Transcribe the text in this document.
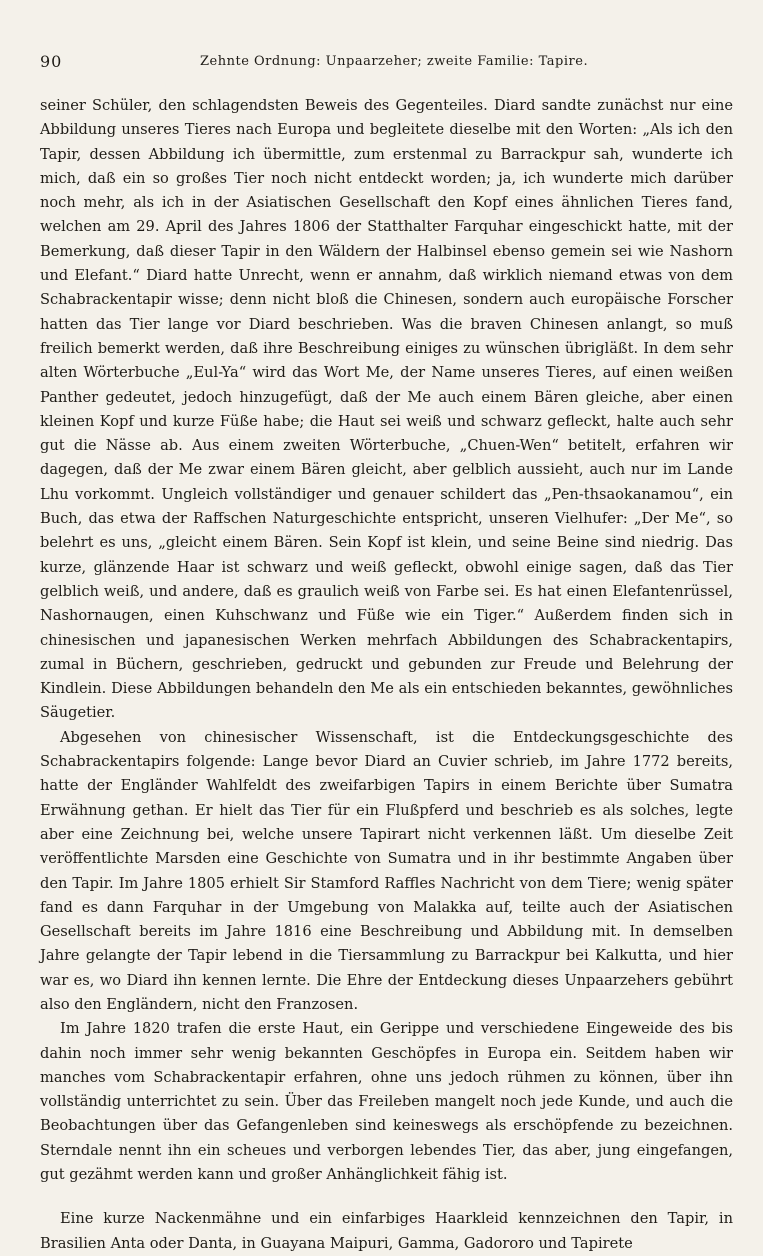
90	Zehnte Ordnung: Unpaarzeher; zweite Familie: Tapire.

seiner Schüler, den schlagendsten Beweis des Gegenteiles. Diard sandte zunächst nur eine Abbildung unseres Tieres nach Europa und begleitete dieselbe mit den Worten: „Als ich den Tapir, dessen Abbildung ich übermittle, zum erstenmal zu Barrackpur sah, wunderte ich mich, daß ein so großes Tier noch nicht entdeckt worden; ja, ich wunderte mich darüber noch mehr, als ich in der Asiatischen Gesellschaft den Kopf eines ähnlichen Tieres fand, welchen am 29. April des Jahres 1806 der Statthalter Farquhar eingeschickt hatte, mit der Bemerkung, daß dieser Tapir in den Wäldern der Halbinsel ebenso gemein sei wie Nashorn und Elefant.“ Diard hatte Unrecht, wenn er annahm, daß wirklich niemand etwas von dem Schabrackentapir wisse; denn nicht bloß die Chinesen, sondern auch europäische Forscher hatten das Tier lange vor Diard beschrieben. Was die braven Chinesen anlangt, so muß freilich bemerkt werden, daß ihre Beschreibung einiges zu wünschen übrigläßt. In dem sehr alten Wörterbuche „Eul-Ya“ wird das Wort Me, der Name unseres Tieres, auf einen weißen Panther gedeutet, jedoch hinzugefügt, daß der Me auch einem Bären gleiche, aber einen kleinen Kopf und kurze Füße habe; die Haut sei weiß und schwarz gefleckt, halte auch sehr gut die Nässe ab. Aus einem zweiten Wörterbuche, „Chuen-Wen“ betitelt, erfahren wir dagegen, daß der Me zwar einem Bären gleicht, aber gelblich aussieht, auch nur im Lande Lhu vorkommt. Ungleich vollständiger und genauer schildert das „Pen-thsaokanamou“, ein Buch, das etwa der Raffschen Naturgeschichte entspricht, unseren Vielhufer: „Der Me“, so belehrt es uns, „gleicht einem Bären. Sein Kopf ist klein, und seine Beine sind niedrig. Das kurze, glänzende Haar ist schwarz und weiß gefleckt, obwohl einige sagen, daß das Tier gelblich weiß, und andere, daß es graulich weiß von Farbe sei. Es hat einen Elefantenrüssel, Nashornaugen, einen Kuhschwanz und Füße wie ein Tiger.“ Außerdem finden sich in chinesischen und japanesischen Werken mehrfach Abbildungen des Schabrackentapirs, zumal in Büchern, geschrieben, gedruckt und gebunden zur Freude und Belehrung der Kindlein. Diese Abbildungen behandeln den Me als ein entschieden bekanntes, gewöhnliches Säugetier.

Abgesehen von chinesischer Wissenschaft, ist die Entdeckungsgeschichte des Schabrackentapirs folgende: Lange bevor Diard an Cuvier schrieb, im Jahre 1772 bereits, hatte der Engländer Wahlfeldt des zweifarbigen Tapirs in einem Berichte über Sumatra Erwähnung gethan. Er hielt das Tier für ein Flußpferd und beschrieb es als solches, legte aber eine Zeichnung bei, welche unsere Tapirart nicht verkennen läßt. Um dieselbe Zeit veröffentlichte Marsden eine Geschichte von Sumatra und in ihr bestimmte Angaben über den Tapir. Im Jahre 1805 erhielt Sir Stamford Raffles Nachricht von dem Tiere; wenig später fand es dann Farquhar in der Umgebung von Malakka auf, teilte auch der Asiatischen Gesellschaft bereits im Jahre 1816 eine Beschreibung und Abbildung mit. In demselben Jahre gelangte der Tapir lebend in die Tiersammlung zu Barrackpur bei Kalkutta, und hier war es, wo Diard ihn kennen lernte. Die Ehre der Entdeckung dieses Unpaarzehers gebührt also den Engländern, nicht den Franzosen.

Im Jahre 1820 trafen die erste Haut, ein Gerippe und verschiedene Eingeweide des bis dahin noch immer sehr wenig bekannten Geschöpfes in Europa ein. Seitdem haben wir manches vom Schabrackentapir erfahren, ohne uns jedoch rühmen zu können, über ihn vollständig unterrichtet zu sein. Über das Freileben mangelt noch jede Kunde, und auch die Beobachtungen über das Gefangenleben sind keineswegs als erschöpfende zu bezeichnen. Sterndale nennt ihn ein scheues und verborgen lebendes Tier, das aber, jung eingefangen, gut gezähmt werden kann und großer Anhänglichkeit fähig ist.

Eine kurze Nackenmähne und ein einfarbiges Haarkleid kennzeichnen den Tapir, in Brasilien Anta oder Danta, in Guayana Maipuri, Gamma, Gadororo und Tapirete
